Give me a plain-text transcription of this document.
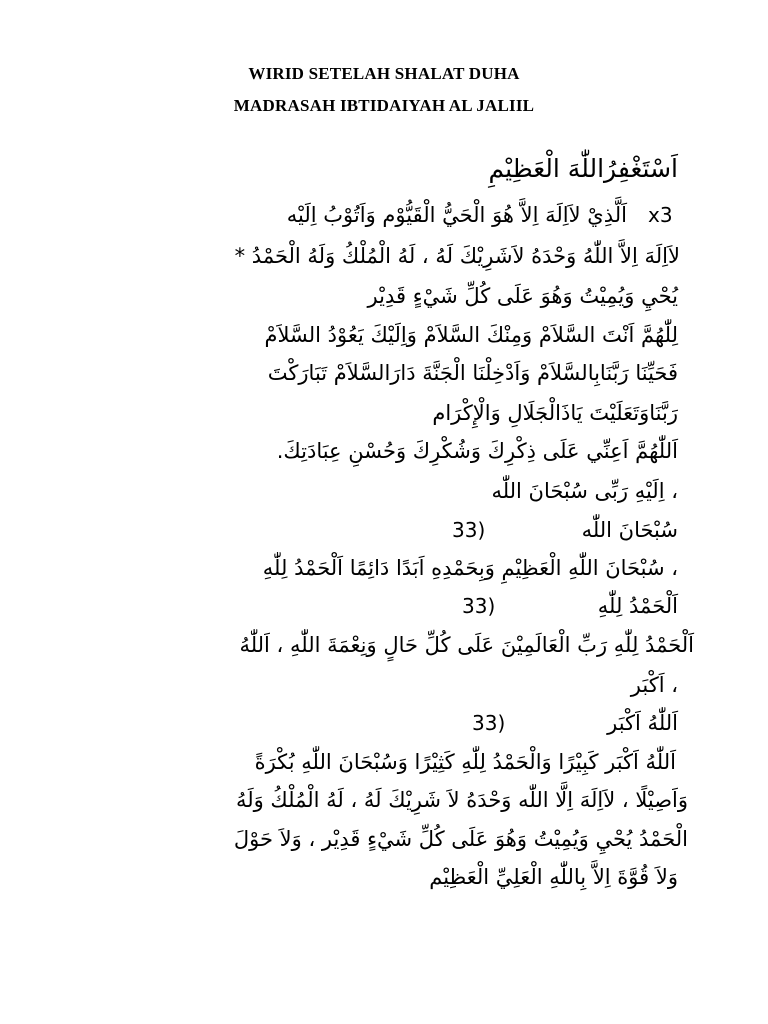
WIRID SETELAH SHALAT DUHA
MADRASAH IBTIDAIYAH AL JALIIL
اَسْتَغْفِرُاللّٰهَ الْعَظِيْمِ
اَلَّذِيْ لاَاِلَهَ اِلاَّ هُوَ الْحَيُّ الْقَيُّوْم وَاَتُوْبُ اِلَيْه x3
لاَاِلَهَ اِلاَّ اللّٰهُ وَحْدَهُ لاَشَرِيْكَ لَهُ ، لَهُ الْمُلْكُ وَلَهُ الْحَمْدُ *
يُحْيِ وَيُمِيْتُ وَهُوَ عَلَى كُلِّ شَيْءٍ قَدِيْر
لِلّٰهُمَّ اَنْتَ السَّلاَمْ وَمِنْكَ السَّلاَمْ وَاِلَيْكَ يَعُوْدُ السَّلاَمْ
فَحَيِّنَا رَبَّنَابِالسَّلاَمْ وَاَدْخِلْنَا الْجَنَّةَ دَارَالسَّلاَمْ تَبَارَكْتَ
رَبَّنَاوَتَعَلَيْتَ يَاذَالْجَلَالِ وَالْإِكْرَام
اَللّٰهُمَّ اَعِنِّي عَلَى ذِكْرِكَ وَشُكْرِكَ وَحُسْنِ عِبَادَتِكَ.
، اِلَيْهِ رَبِّى سُبْحَانَ اللّٰه
سُبْحَانَ اللّٰه
33)
، سُبْحَانَ اللّٰهِ الْعَظِيْمِ وَبِحَمْدِهِ اَبَدًا دَائِمًا اَلْحَمْدُ لِلّٰهِ
اَلْحَمْدُ لِلّٰهِ
33)
اَلْحَمْدُ لِلّٰهِ رَبِّ الْعَالَمِيْنَ عَلَى كُلِّ حَالٍ وَنِعْمَةَ اللّٰهِ ، اَللّٰهُ
، اَكْبَر
اَللّٰهُ اَكْبَر
33)
اَللّٰهُ اَكْبَر كَبِيْرًا وَالْحَمْدُ لِلّٰهِ كَثِيْرًا وَسُبْحَانَ اللّٰهِ بُكْرَةً
وَاَصِيْلًا ، لاَاِلَهَ اِلَّا اللّٰه وَحْدَهُ لاَ شَرِيْكَ لَهُ ، لَهُ الْمُلْكُ وَلَهُ
الْحَمْدُ يُحْيِ وَيُمِيْتُ وَهُوَ عَلَى كُلِّ شَيْءٍ قَدِيْر ، وَلاَ حَوْلَ
وَلاَ قُوَّةَ اِلاَّ بِاللّٰهِ الْعَلِيِّ الْعَظِيْم
